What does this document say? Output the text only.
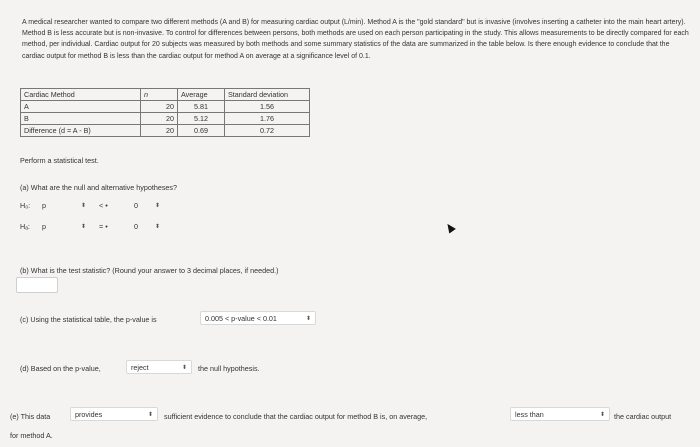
A medical researcher wanted to compare two different methods (A and B) for measuring cardiac output (L/min). Method A is the "gold standard" but is invasive (involves inserting a catheter into the main heart artery). Method B is less accurate but is non-invasive. To control for differences between persons, both methods are used on each person participating in the study. This allows measurements to be directly compared for each method, per individual. Cardiac output for 20 subjects was measured by both methods and some summary statistics of the data are summarized in the table below. Is there enough evidence to conclude that the cardiac output for method B is less than the cardiac output for method A on average at a significance level of 0.1.
Cardiac Method	n	Average	Standard deviation
A	20	5.81	1.56
B	20	5.12	1.76
Difference (d = A - B)	20	0.69	0.72
Perform a statistical test.
(a) What are the null and alternative hypotheses?
H₀: p	⬍ < •	0	⬍
Hₐ: p	⬍ = •	0	⬍
(b) What is the test statistic? (Round your answer to 3 decimal places, if needed.)
(c) Using the statistical table, the p-value is	0.005 < p-value < 0.01	⬍
(d) Based on the p-value,	reject	⬍ the null hypothesis.
(e) This data	provides	⬍ sufficient evidence to conclude that the cardiac output for method B is, on average,	less than	⬍ the cardiac output
for method A.
